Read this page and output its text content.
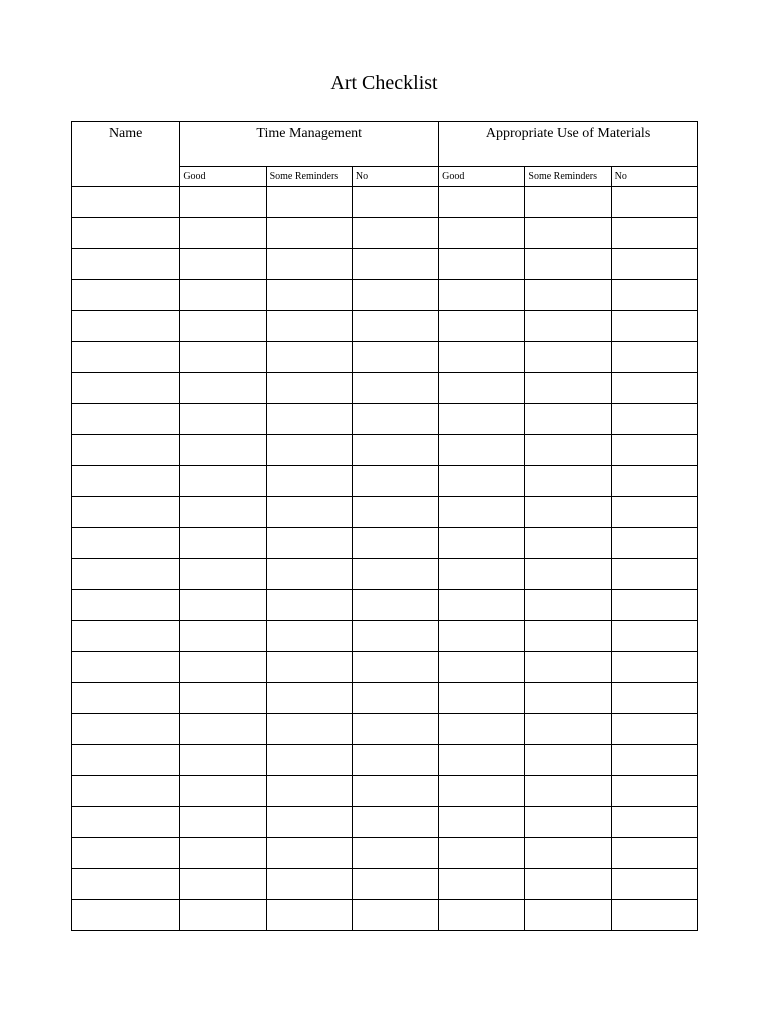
Art Checklist
Name	Time Management			Appropriate Use of Materials		
	Good	Some Reminders	No	Good	Some Reminders	No
